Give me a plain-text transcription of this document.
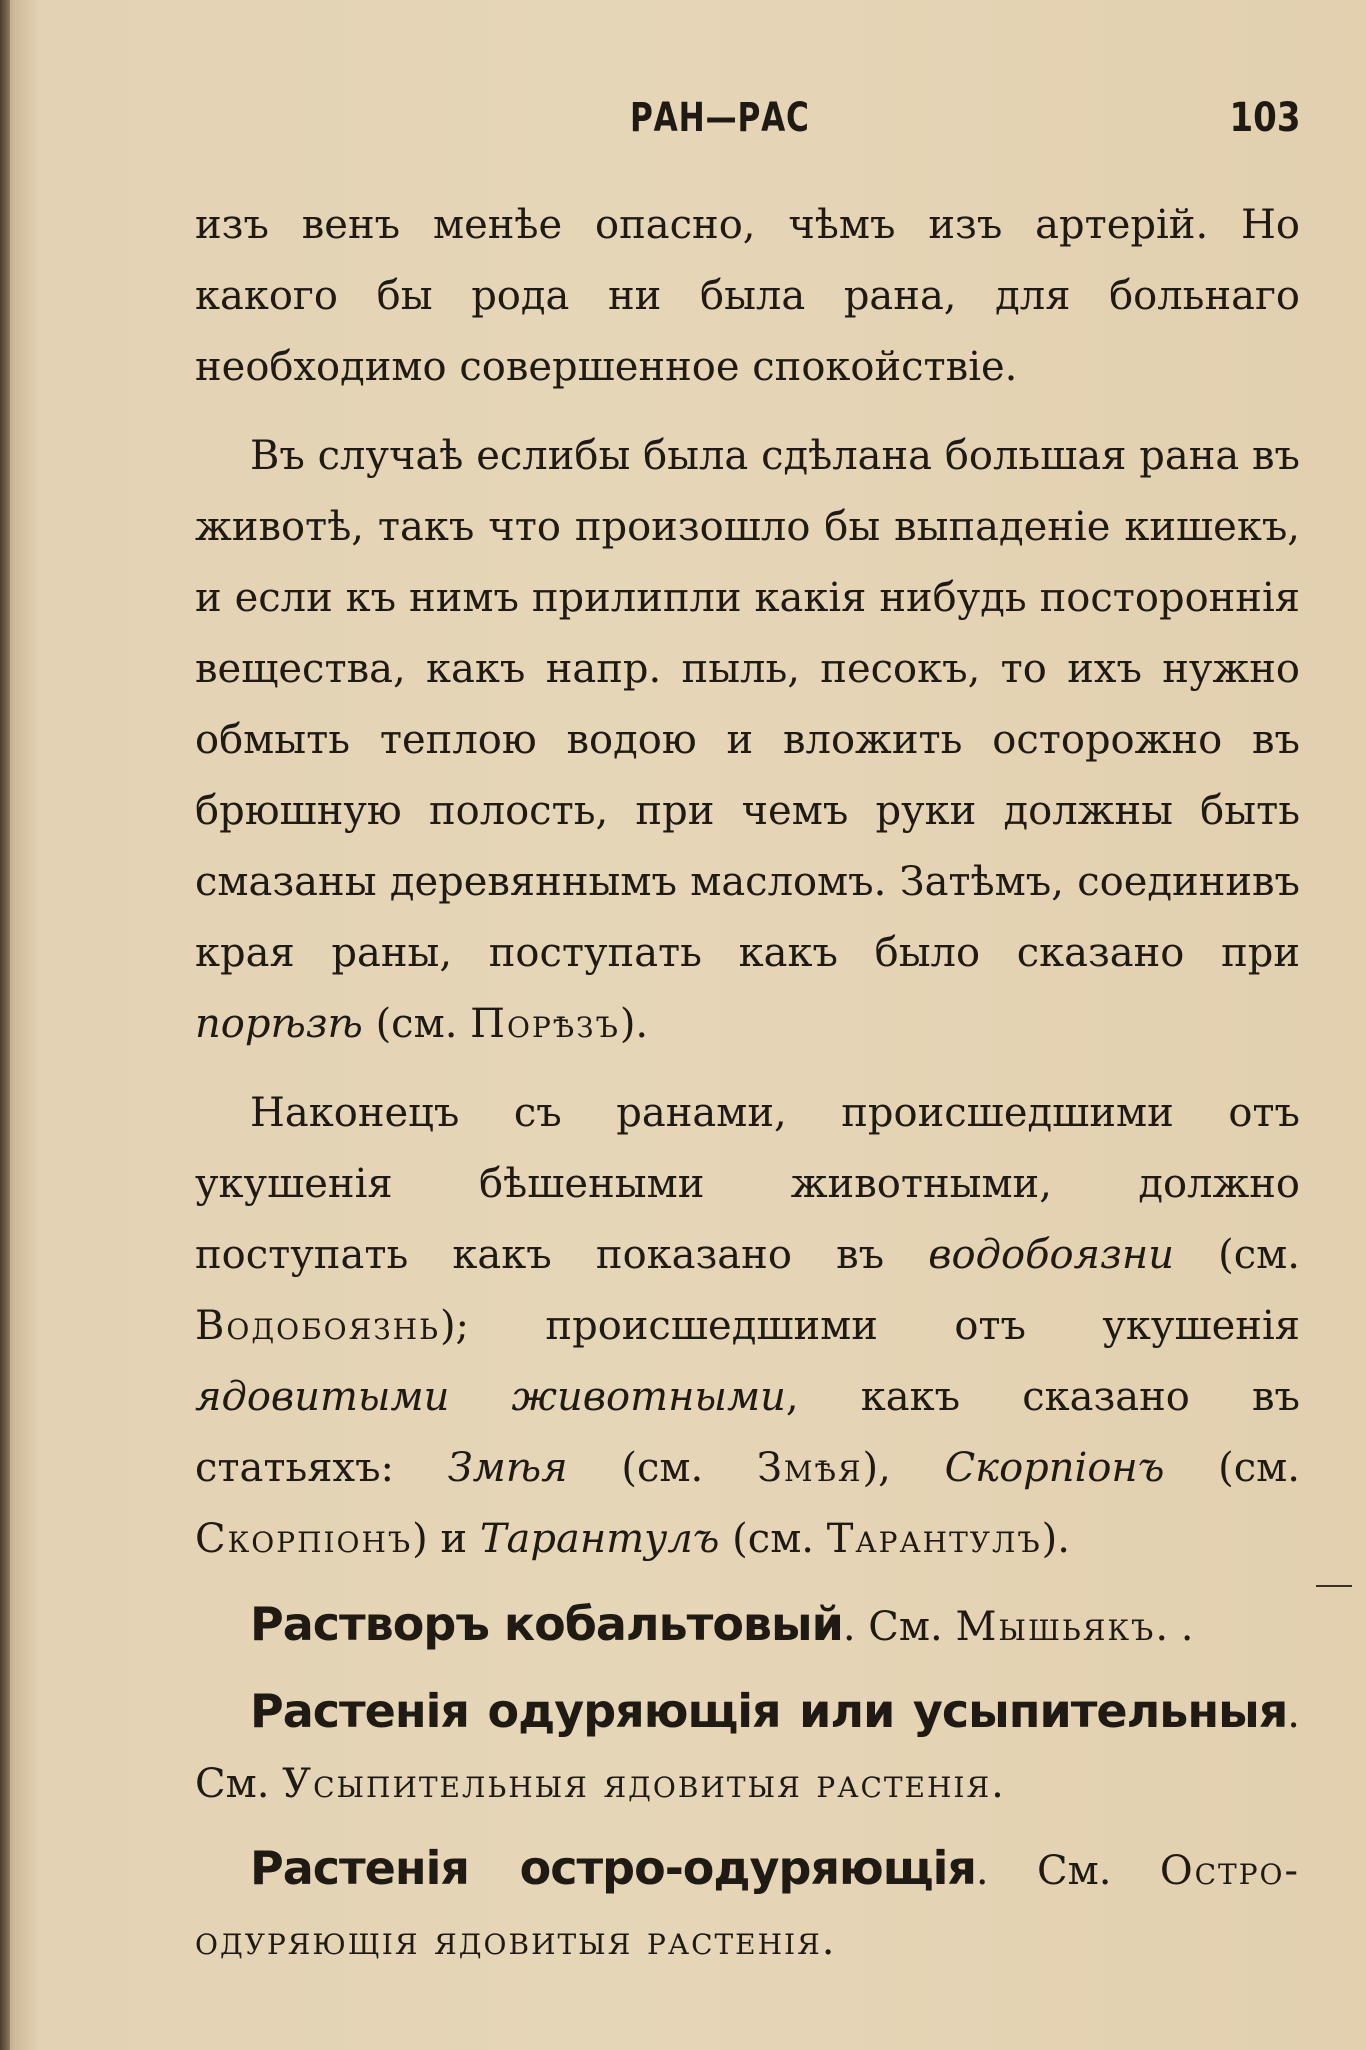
РАН—РАС	103

изъ венъ менѣе опасно, чѣмъ изъ артерій. Но какого бы рода ни была рана, для больнаго необходимо совершенное спокойствіе.

Въ случаѣ еслибы была сдѣлана большая рана въ животѣ, такъ что произошло бы выпаденіе кишекъ, и если къ нимъ прилипли какія нибудь постороннія вещества, какъ напр. пыль, песокъ, то ихъ нужно обмыть теплою водою и вложить осторожно въ брюшную полость, при чемъ руки должны быть смазаны деревяннымъ масломъ. Затѣмъ, соединивъ края раны, поступать какъ было сказано при порѣзѣ (см. Порѣзъ).

Наконецъ съ ранами, происшедшими отъ укушенія бѣшеными животными, должно поступать какъ показано въ водобоязни (см. Водобоязнь); происшедшими отъ укушенія ядовитыми животными, какъ сказано въ статьяхъ: Змѣя (см. Змѣя), Скорпіонъ (см. Скорпіонъ) и Тарантулъ (см. Тарантулъ).

Растворъ кобальтовый. См. Мышьякъ. .

Растенія одуряющія или усыпительныя. См. Усыпительныя ядовитыя растенія.

Растенія остро-одуряющія. См. Остро-одуряющія ядовитыя растенія.
